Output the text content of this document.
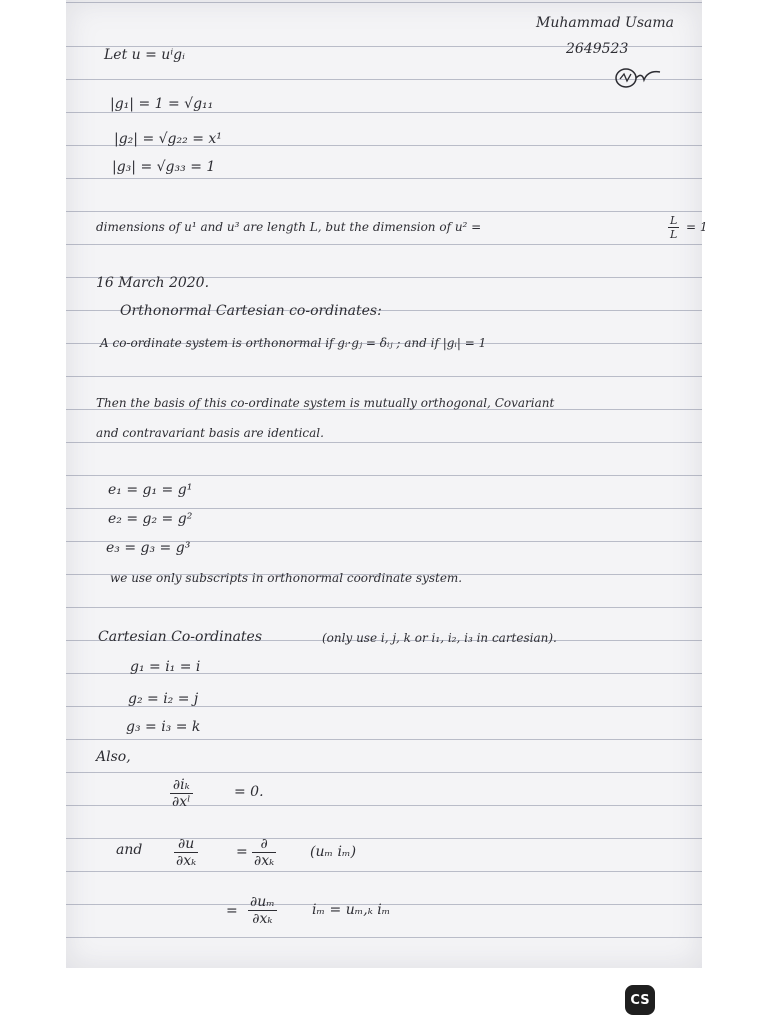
Muhammad Usama
2649523
Let u = uⁱgᵢ
|g₁| = 1 = √g₁₁
|g₂| = √g₂₂ = x¹
|g₃| = √g₃₃ = 1
dimensions of u¹ and u³ are length L, but the dimension of u² =	$\frac{L}{L} = 1$
16 March 2020.
Orthonormal Cartesian co-ordinates:
A co-ordinate system is orthonormal if gᵢ·gⱼ = δᵢⱼ ; and if |gᵢ| = 1
Then the basis of this co-ordinate system is mutually orthogonal, Covariant
and contravariant basis are identical.
e₁ = g₁ = g¹
e₂ = g₂ = g²
e₃ = g₃ = g³
we use only subscripts in orthonormal coordinate system.
Cartesian Co-ordinates	(only use i, j, k or i₁, i₂, i₃ in cartesian).
g₁ = i₁ = i
g₂ = i₂ = j
g₃ = i₃ = k
Also,
$\frac{\text{∂iₖ}}{\text{∂xˡ}}$	= 0.
and $\frac{\partial u}{\text{∂xₖ}}$	= ∂
∂xₖ
(uₘ iₘ)
= $\frac{\text{∂uₘ}}{\text{∂xₖ}}$	iₘ = uₘ,ₖ iₘ
CS
